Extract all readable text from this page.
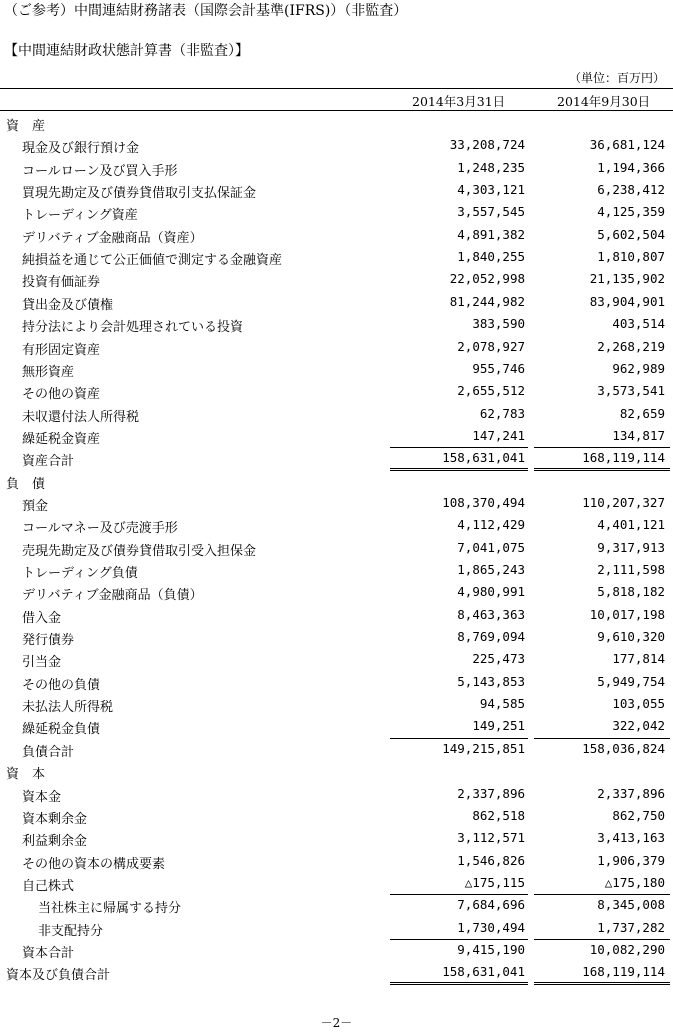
（ご参考）中間連結財務諸表（国際会計基準(IFRS)）（非監査）
【中間連結財政状態計算書（非監査）】
（単位：百万円）
2014年3月31日	2014年9月30日
資　産
現金及び銀行預け金	33,208,724	36,681,124
コールローン及び買入手形	1,248,235	1,194,366
買現先勘定及び債券貸借取引支払保証金	4,303,121	6,238,412
トレーディング資産	3,557,545	4,125,359
デリバティブ金融商品（資産）	4,891,382	5,602,504
純損益を通じて公正価値で測定する金融資産	1,840,255	1,810,807
投資有価証券	22,052,998	21,135,902
貸出金及び債権	81,244,982	83,904,901
持分法により会計処理されている投資	383,590	403,514
有形固定資産	2,078,927	2,268,219
無形資産	955,746	962,989
その他の資産	2,655,512	3,573,541
未収還付法人所得税	62,783	82,659
繰延税金資産	147,241	134,817
資産合計	158,631,041	168,119,114
負　債
預金	108,370,494	110,207,327
コールマネー及び売渡手形	4,112,429	4,401,121
売現先勘定及び債券貸借取引受入担保金	7,041,075	9,317,913
トレーディング負債	1,865,243	2,111,598
デリバティブ金融商品（負債）	4,980,991	5,818,182
借入金	8,463,363	10,017,198
発行債券	8,769,094	9,610,320
引当金	225,473	177,814
その他の負債	5,143,853	5,949,754
未払法人所得税	94,585	103,055
繰延税金負債	149,251	322,042
負債合計	149,215,851	158,036,824
資　本
資本金	2,337,896	2,337,896
資本剰余金	862,518	862,750
利益剰余金	3,112,571	3,413,163
その他の資本の構成要素	1,546,826	1,906,379
自己株式	△175,115	△175,180
当社株主に帰属する持分	7,684,696	8,345,008
非支配持分	1,730,494	1,737,282
資本合計	9,415,190	10,082,290
資本及び負債合計	158,631,041	168,119,114
－2－
